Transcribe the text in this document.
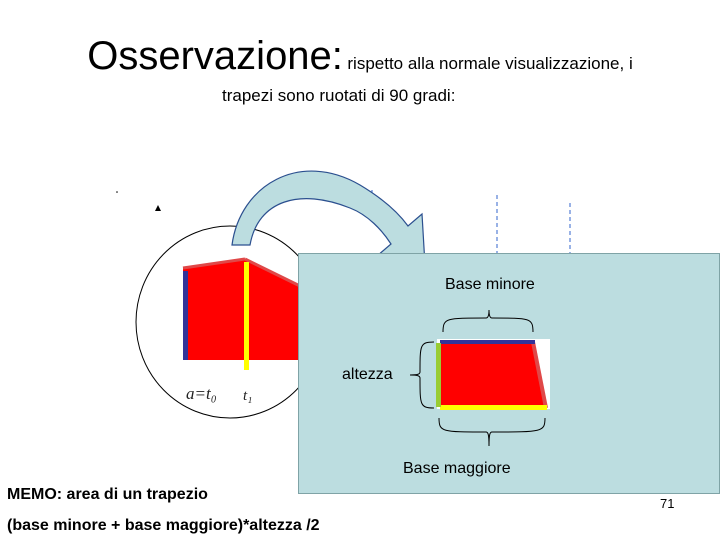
Osservazione: rispetto alla normale visualizzazione, i
trapezi sono ruotati di 90 gradi:
a=t₀ t₁
Base minore
altezza
Base maggiore
MEMO: area di un trapezio
(base minore + base maggiore)*altezza /2
71
